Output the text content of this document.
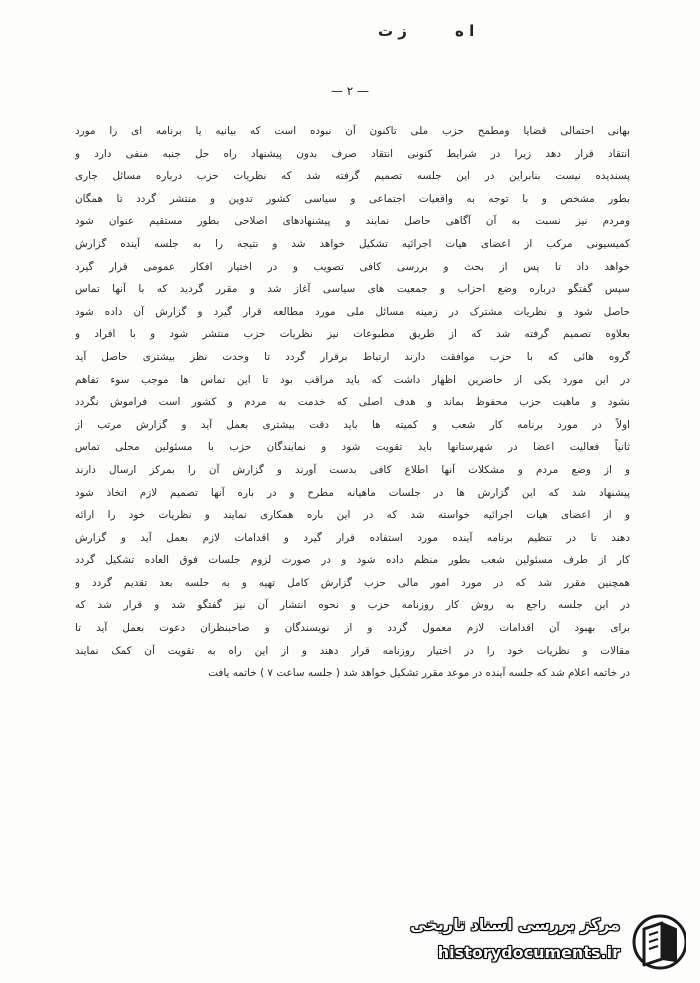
ز ت	ا ه
— ۲ —
بهانی احتمالی قضایا ومطمح حزب ملی تاکنون آن نبوده است که بیانیه یا برنامه ای را مورد
انتقاد قرار دهد زیرا در شرایط کنونی انتقاد صرف بدون پیشنهاد راه حل جنبه منفی دارد و
پسندیده نیست بنابراین در این جلسه تصمیم گرفته شد که نظریات حزب درباره مسائل جاری
بطور مشخص و با توجه به واقعیات اجتماعی و سیاسی کشور تدوین و منتشر گردد تا همگان
ومردم نیز نسبت به آن آگاهی حاصل نمایند و پیشنهادهای اصلاحی بطور مستقیم عنوان شود
کمیسیونی مرکب از اعضای هیات اجرائیه تشکیل خواهد شد و نتیجه را به جلسه آینده گزارش
خواهد داد تا پس از بحث و بررسی کافی تصویب و در اختیار افکار عمومی قرار گیرد
سپس گفتگو درباره وضع احزاب و جمعیت های سیاسی آغاز شد و مقرر گردید که با آنها تماس
حاصل شود و نظریات مشترک در زمینه مسائل ملی مورد مطالعه قرار گیرد و گزارش آن داده شود
بعلاوه تصمیم گرفته شد که از طریق مطبوعات نیز نظریات حزب منتشر شود و با افراد و
گروه هائی که با حزب موافقت دارند ارتباط برقرار گردد تا وحدت نظر بیشتری حاصل آید
در این مورد یکی از حاضرین اظهار داشت که باید مراقب بود تا این تماس ها موجب سوء تفاهم
نشود و ماهیت حزب محفوظ بماند و هدف اصلی که خدمت به مردم و کشور است فراموش نگردد
اولاً در مورد برنامه کار شعب و کمیته ها باید دقت بیشتری بعمل آید و گزارش مرتب از
ثانیاً فعالیت اعضا در شهرستانها باید تقویت شود و نمایندگان حزب با مسئولین محلی تماس
و از وضع مردم و مشکلات آنها اطلاع کافی بدست آورند و گزارش آن را بمرکز ارسال دارند
پیشنهاد شد که این گزارش ها در جلسات ماهیانه مطرح و در باره آنها تصمیم لازم اتخاذ شود
و از اعضای هیات اجرائیه خواسته شد که در این باره همکاری نمایند و نظریات خود را ارائه
دهند تا در تنظیم برنامه آینده مورد استفاده قرار گیرد و اقدامات لازم بعمل آید و گزارش
کار از طرف مسئولین شعب بطور منظم داده شود و در صورت لزوم جلسات فوق العاده تشکیل گردد
همچنین مقرر شد که در مورد امور مالی حزب گزارش کامل تهیه و به جلسه بعد تقدیم گردد و
در این جلسه راجع به روش کار روزنامه حزب و نحوه انتشار آن نیز گفتگو شد و قرار شد که
برای بهبود آن اقدامات لازم معمول گردد و از نویسندگان و صاحبنظران دعوت بعمل آید تا
مقالات و نظریات خود را در اختیار روزنامه قرار دهند و از این راه به تقویت آن کمک نمایند
در خاتمه اعلام شد که جلسه آینده در موعد مقرر تشکیل خواهد شد ( جلسه ساعت ۷ ) خاتمه یافت
مرکز بررسی اسناد تاریخی
historydocuments.ir
